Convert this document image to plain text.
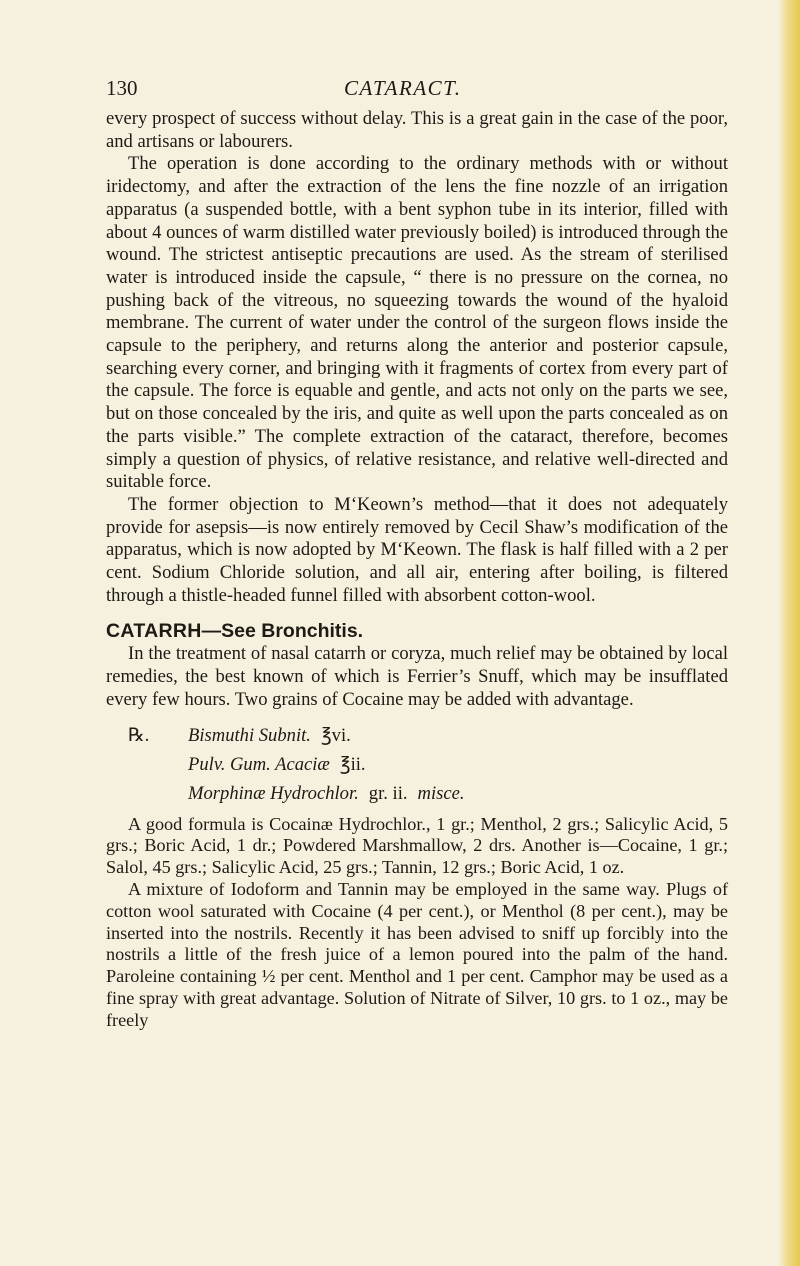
130	CATARACT.

every prospect of success without delay. This is a great gain in the case of the poor, and artisans or labourers.

The operation is done according to the ordinary methods with or without iridectomy, and after the extraction of the lens the fine nozzle of an irrigation apparatus (a suspended bottle, with a bent syphon tube in its interior, filled with about 4 ounces of warm distilled water previously boiled) is introduced through the wound. The strictest antiseptic precautions are used. As the stream of sterilised water is introduced inside the capsule, “ there is no pressure on the cornea, no pushing back of the vitreous, no squeezing towards the wound of the hyaloid membrane. The current of water under the control of the surgeon flows inside the capsule to the periphery, and returns along the anterior and posterior capsule, searching every corner, and bringing with it fragments of cortex from every part of the capsule. The force is equable and gentle, and acts not only on the parts we see, but on those concealed by the iris, and quite as well upon the parts concealed as on the parts visible.” The complete extraction of the cataract, therefore, becomes simply a question of physics, of relative resistance, and relative well-directed and suitable force.

The former objection to M‘Keown’s method—that it does not adequately provide for asepsis—is now entirely removed by Cecil Shaw’s modification of the apparatus, which is now adopted by M‘Keown. The flask is half filled with a 2 per cent. Sodium Chloride solution, and all air, entering after boiling, is filtered through a thistle-headed funnel filled with absorbent cotton-wool.

CATARRH—See Bronchitis.

In the treatment of nasal catarrh or coryza, much relief may be obtained by local remedies, the best known of which is Ferrier’s Snuff, which may be insufflated every few hours. Two grains of Cocaine may be added with advantage.

℞.	Bismuthi Subnit. ℥vi.
Pulv. Gum. Acaciæ ℥ii.
Morphinæ Hydrochlor. gr. ii. misce.

A good formula is Cocainæ Hydrochlor., 1 gr.; Menthol, 2 grs.; Salicylic Acid, 5 grs.; Boric Acid, 1 dr.; Powdered Marshmallow, 2 drs. Another is—Cocaine, 1 gr.; Salol, 45 grs.; Salicylic Acid, 25 grs.; Tannin, 12 grs.; Boric Acid, 1 oz.

A mixture of Iodoform and Tannin may be employed in the same way. Plugs of cotton wool saturated with Cocaine (4 per cent.), or Menthol (8 per cent.), may be inserted into the nostrils. Recently it has been advised to sniff up forcibly into the nostrils a little of the fresh juice of a lemon poured into the palm of the hand. Paroleine containing ½ per cent. Menthol and 1 per cent. Camphor may be used as a fine spray with great advantage. Solution of Nitrate of Silver, 10 grs. to 1 oz., may be freely
